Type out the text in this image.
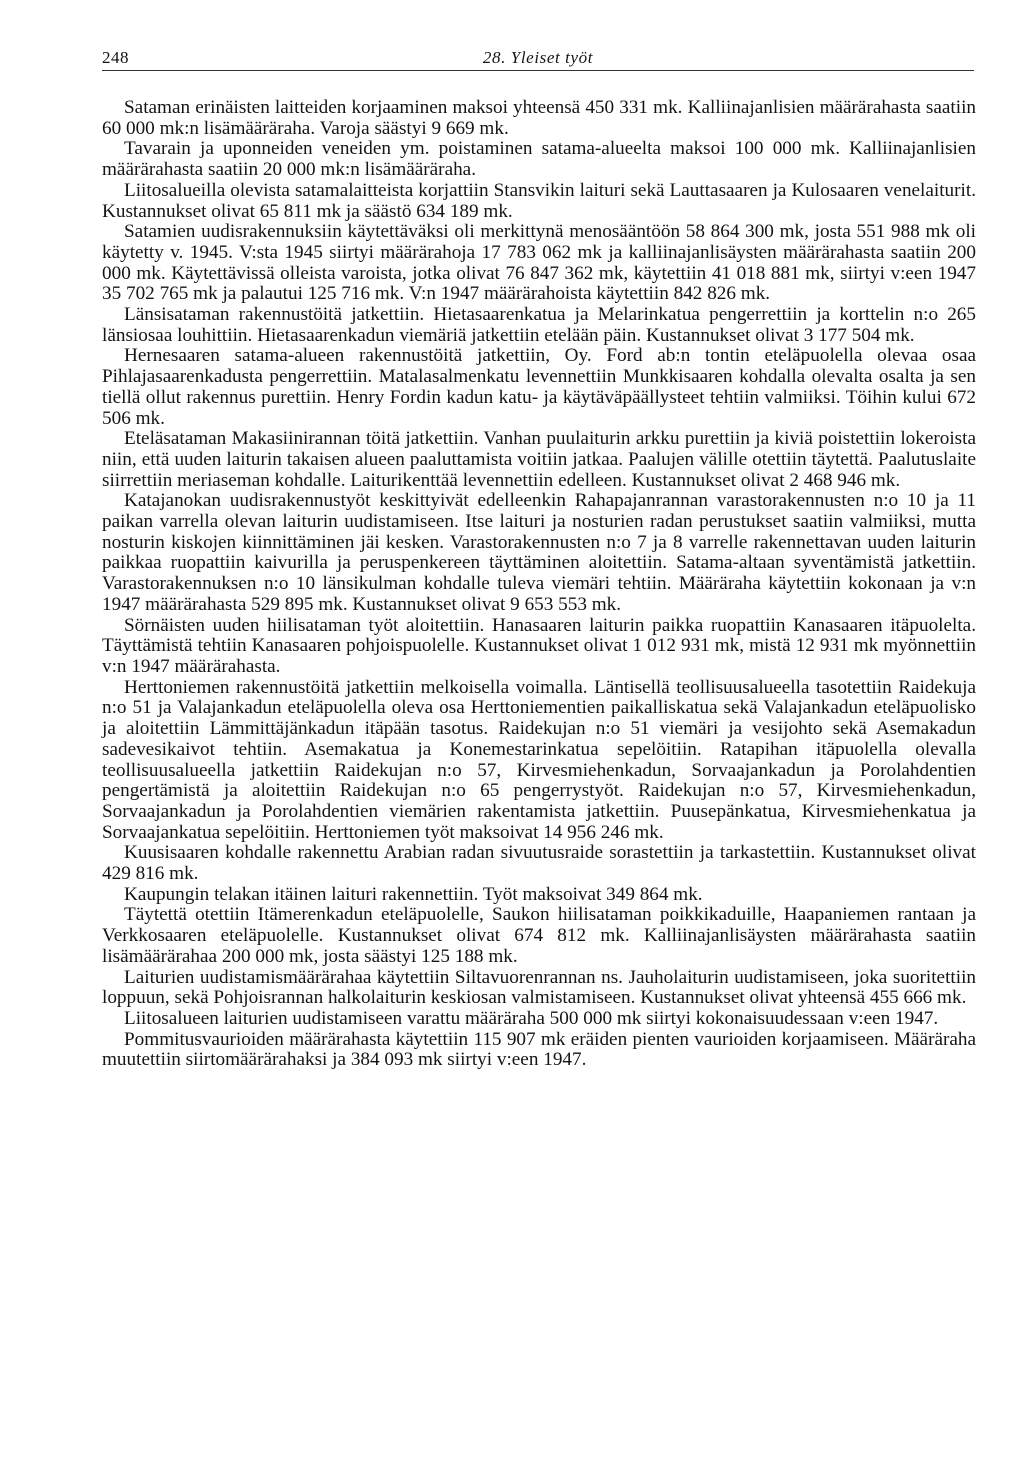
248	28. Yleiset työt

Sataman erinäisten laitteiden korjaaminen maksoi yhteensä 450 331 mk. Kalliinajanlisien määrärahasta saatiin 60 000 mk:n lisämääräraha. Varoja säästyi 9 669 mk.

Tavarain ja uponneiden veneiden ym. poistaminen satama-alueelta maksoi 100 000 mk. Kalliinajanlisien määrärahasta saatiin 20 000 mk:n lisämääräraha.

Liitosalueilla olevista satamalaitteista korjattiin Stansvikin laituri sekä Lauttasaaren ja Kulosaaren venelaiturit. Kustannukset olivat 65 811 mk ja säästö 634 189 mk.

Satamien uudisrakennuksiin käytettäväksi oli merkittynä menosääntöön 58 864 300 mk, josta 551 988 mk oli käytetty v. 1945. V:sta 1945 siirtyi määrärahoja 17 783 062 mk ja kalliinajanlisäysten määrärahasta saatiin 200 000 mk. Käytettävissä olleista varoista, jotka olivat 76 847 362 mk, käytettiin 41 018 881 mk, siirtyi v:een 1947 35 702 765 mk ja palautui 125 716 mk. V:n 1947 määrärahoista käytettiin 842 826 mk.

Länsisataman rakennustöitä jatkettiin. Hietasaarenkatua ja Melarinkatua pengerrettiin ja korttelin n:o 265 länsiosaa louhittiin. Hietasaarenkadun viemäriä jatkettiin etelään päin. Kustannukset olivat 3 177 504 mk.

Hernesaaren satama-alueen rakennustöitä jatkettiin, Oy. Ford ab:n tontin eteläpuolella olevaa osaa Pihlajasaarenkadusta pengerrettiin. Matalasalmenkatu levennettiin Munkkisaaren kohdalla olevalta osalta ja sen tiellä ollut rakennus purettiin. Henry Fordin kadun katu- ja käytäväpäällysteet tehtiin valmiiksi. Töihin kului 672 506 mk.

Eteläsataman Makasiinirannan töitä jatkettiin. Vanhan puulaiturin arkku purettiin ja kiviä poistettiin lokeroista niin, että uuden laiturin takaisen alueen paaluttamista voitiin jatkaa. Paalujen välille otettiin täytettä. Paalutuslaite siirrettiin meriaseman kohdalle. Laiturikenttää levennettiin edelleen. Kustannukset olivat 2 468 946 mk.

Katajanokan uudisrakennustyöt keskittyivät edelleenkin Rahapajanrannan varastorakennusten n:o 10 ja 11 paikan varrella olevan laiturin uudistamiseen. Itse laituri ja nosturien radan perustukset saatiin valmiiksi, mutta nosturin kiskojen kiinnittäminen jäi kesken. Varastorakennusten n:o 7 ja 8 varrelle rakennettavan uuden laiturin paikkaa ruopattiin kaivurilla ja peruspenkereen täyttäminen aloitettiin. Satama-altaan syventämistä jatkettiin. Varastorakennuksen n:o 10 länsikulman kohdalle tuleva viemäri tehtiin. Määräraha käytettiin kokonaan ja v:n 1947 määrärahasta 529 895 mk. Kustannukset olivat 9 653 553 mk.

Sörnäisten uuden hiilisataman työt aloitettiin. Hanasaaren laiturin paikka ruopattiin Kanasaaren itäpuolelta. Täyttämistä tehtiin Kanasaaren pohjoispuolelle. Kustannukset olivat 1 012 931 mk, mistä 12 931 mk myönnettiin v:n 1947 määrärahasta.

Herttoniemen rakennustöitä jatkettiin melkoisella voimalla. Läntisellä teollisuusalueella tasotettiin Raidekuja n:o 51 ja Valajankadun eteläpuolella oleva osa Herttoniementien paikalliskatua sekä Valajankadun eteläpuolisko ja aloitettiin Lämmittäjänkadun itäpään tasotus. Raidekujan n:o 51 viemäri ja vesijohto sekä Asemakadun sadevesikaivot tehtiin. Asemakatua ja Konemestarinkatua sepelöitiin. Ratapihan itäpuolella olevalla teollisuusalueella jatkettiin Raidekujan n:o 57, Kirvesmiehenkadun, Sorvaajankadun ja Porolahdentien pengertämistä ja aloitettiin Raidekujan n:o 65 pengerrystyöt. Raidekujan n:o 57, Kirvesmiehenkadun, Sorvaajankadun ja Porolahdentien viemärien rakentamista jatkettiin. Puusepänkatua, Kirvesmiehenkatua ja Sorvaajankatua sepelöitiin. Herttoniemen työt maksoivat 14 956 246 mk.

Kuusisaaren kohdalle rakennettu Arabian radan sivuutusraide sorastettiin ja tarkastettiin. Kustannukset olivat 429 816 mk.

Kaupungin telakan itäinen laituri rakennettiin. Työt maksoivat 349 864 mk.

Täytettä otettiin Itämerenkadun eteläpuolelle, Saukon hiilisataman poikkikaduille, Haapaniemen rantaan ja Verkkosaaren eteläpuolelle. Kustannukset olivat 674 812 mk. Kalliinajanlisäysten määrärahasta saatiin lisämäärärahaa 200 000 mk, josta säästyi 125 188 mk.

Laiturien uudistamismäärärahaa käytettiin Siltavuorenrannan ns. Jauholaiturin uudistamiseen, joka suoritettiin loppuun, sekä Pohjoisrannan halkolaiturin keskiosan valmistamiseen. Kustannukset olivat yhteensä 455 666 mk.

Liitosalueen laiturien uudistamiseen varattu määräraha 500 000 mk siirtyi kokonaisuudessaan v:een 1947.

Pommitusvaurioiden määrärahasta käytettiin 115 907 mk eräiden pienten vaurioiden korjaamiseen. Määräraha muutettiin siirtomäärärahaksi ja 384 093 mk siirtyi v:een 1947.
